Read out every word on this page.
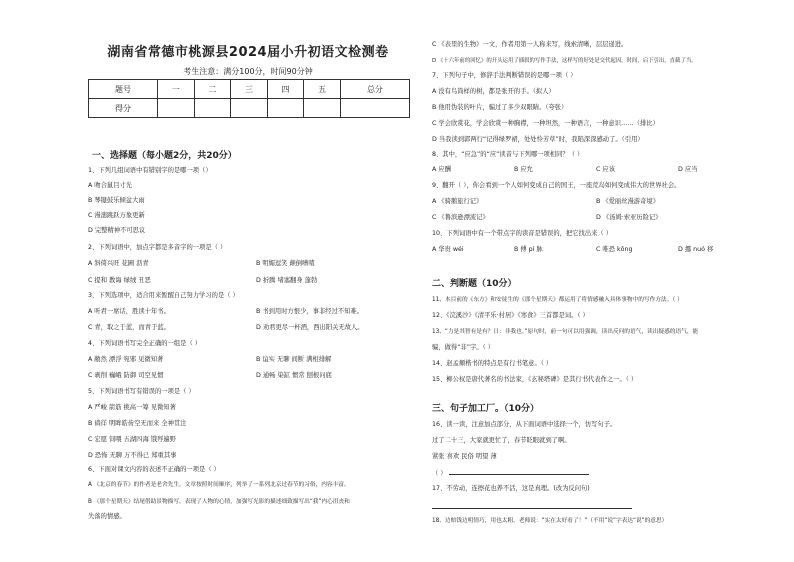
湖南省常德市桃源县2024届小升初语文检测卷
考生注意：满分100分，时间90分钟
题号	一	二	三	四	五	总分
得分						
一、选择题（每小题2分，共20分）
1、下列几组词语中有错别字的是哪一项（）
A 吻合鼠目寸光
B 琴键鼓乐倾盆大雨
C 漫漶跳跃万象更新
D 完整精神不可思议
2、下列词语中，加点字都是多音字的一项是（ ）
A 斜倚兴旺 花圃 沥青	B 明媚逗笑 颠倒嘈喳
C 提和 教诲 绿绒 丑恶	D 折腾 堵塞翻身 蓬勃
3、下列选项中，适合用来暂醒自己努力学习的是（ ）
A 听君一席话，胜读十年书。	B 书到用时方恨少，事非经过不知难。
C 青，取之于蓝，而青于蓝。	D 劝君更尽一杯酒，西出阳关无故人。
4、下列词语书写完全正确的一组是（ ）
A 敝然 漂浮 宛邪 见微知著	B 谊实 无聊 间断 满相排解
C 剥削 巍峨 防御 司空见惯	D 通畅 染缸 惯常 刨根问底
5、下列词语书写有错误的一项是（ ）
A 严峻 箭筋 挑高一筹 见微知著
B 徜徉 明眸皓齿空无而来 全神贯注
C 宏愿 饲喂 五湖四海 饿殍遍野
D 恐怖 无聊 万不得已 郑重其事
6、下面对课文内容的表述不正确的一项是（ ）
A 《北京的春节》的作者是老舍先生。文章按照时间顺序，列举了一系列北京过春节的习俗，内容丰富。
B 《那个星期天》结尾借助景物描写，表现了人物的心情，加强写光影的描述细致描写出“我”内心沮丧和
失落的情感。
C 《表里的生物》一文，作者用第一人称来写，线索清晰，层层递进。
D 《十六年前的回忆》的开头运用了插叙的写作手法，这样写的好处是交代起因，时间，启下引出，直截了当。
7、下列句子中，修辞手法判断错误的是哪一项（ ）
A 没有鸟筒样的树，都是张开的手。（拟人）
B 他用伪装的叶片，骗过了多少双眼睛。（夸张）
C 学会欣赏花，学会欣赏一种胸襟，一种坦然，一种语言，一种意识……（排比）
D 当我读到郭两行“记得绿罗裙，处处怜芳草”时，我陷深深感动了。（引用）
8、其中，“应急”的“应”读音与下列哪一项相同？（ ）
A 应酬	B 应允	C 应该	D 应当
9、翻开（ ），你会看到一个人如何变成自己的国王，一座荒岛如何变成伟大的世界社会。
A 《骑鹅旅行记》	B 《爱丽丝漫游奇境》
C 《鲁滨逊漂流记》	D 《汤姆·索亚历险记》
10、下列词语中有一个带点字的读音是错误的，把它找出来（ ）
A 华贵 wéi	B 傅 pí 脉	C 唯恐 kōng	D 挪 nuó 移
二、判断题（10分）
11、本目前的《东方》和安徒生的《那个星期天》都运用了将情感融入具体事物中的写作方法。（ ）
12、《浣溪沙》《清平乐·村居》《寒食》三首都是词。（ ）
13、“力是其智有是有？日：非我也。”原句时，前一句可以用强调，读出反问的语气，读出疑惑的语气，能
骗，做得“非”字。（ ）
14、赵孟頫楷书的特点是有行书笔意。（ ）
15、柳公权是唐代著名的书法家，《玄秘塔碑》是其行书代表作之一。（ ）
三、句子加工厂。（10分）
16、读一读，注意加点部分，从下面词语中选择一个，仿写句子。
过了二十三，大家就更忙了，春节眨眼就到了啊。
紧张 喜欢 民俗 明望 薄
（ ）
17、不劳动，连擦花也养不活，这是真理。(改为反问句)
18、边赔钱边明情巧，用也太粗，老师说：“实在太好看了！”（不用“说”字表达“说”的意思）
